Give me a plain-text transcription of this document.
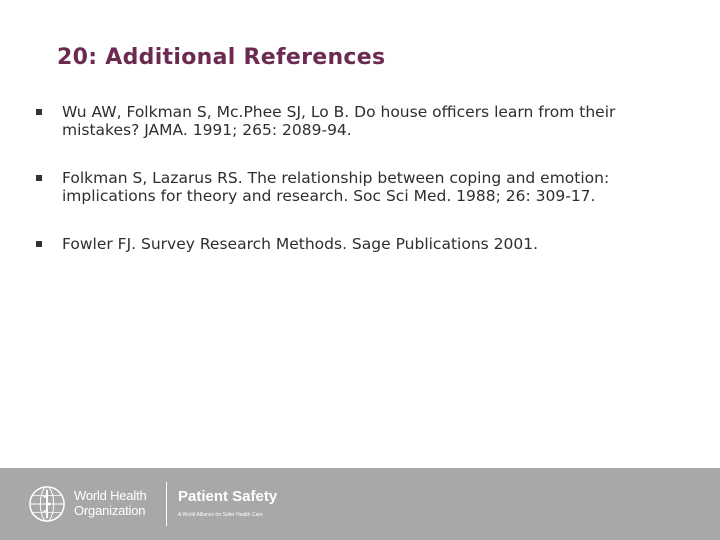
20: Additional References
Wu AW, Folkman S, Mc.Phee SJ, Lo B. Do house officers learn from their
mistakes? JAMA. 1991; 265: 2089-94.
Folkman S, Lazarus RS. The relationship between coping and emotion:
implications for theory and research. Soc Sci Med. 1988; 26: 309-17.
Fowler FJ. Survey Research Methods. Sage Publications 2001.
World Health
Organization
Patient Safety
A World Alliance for Safer Health Care
